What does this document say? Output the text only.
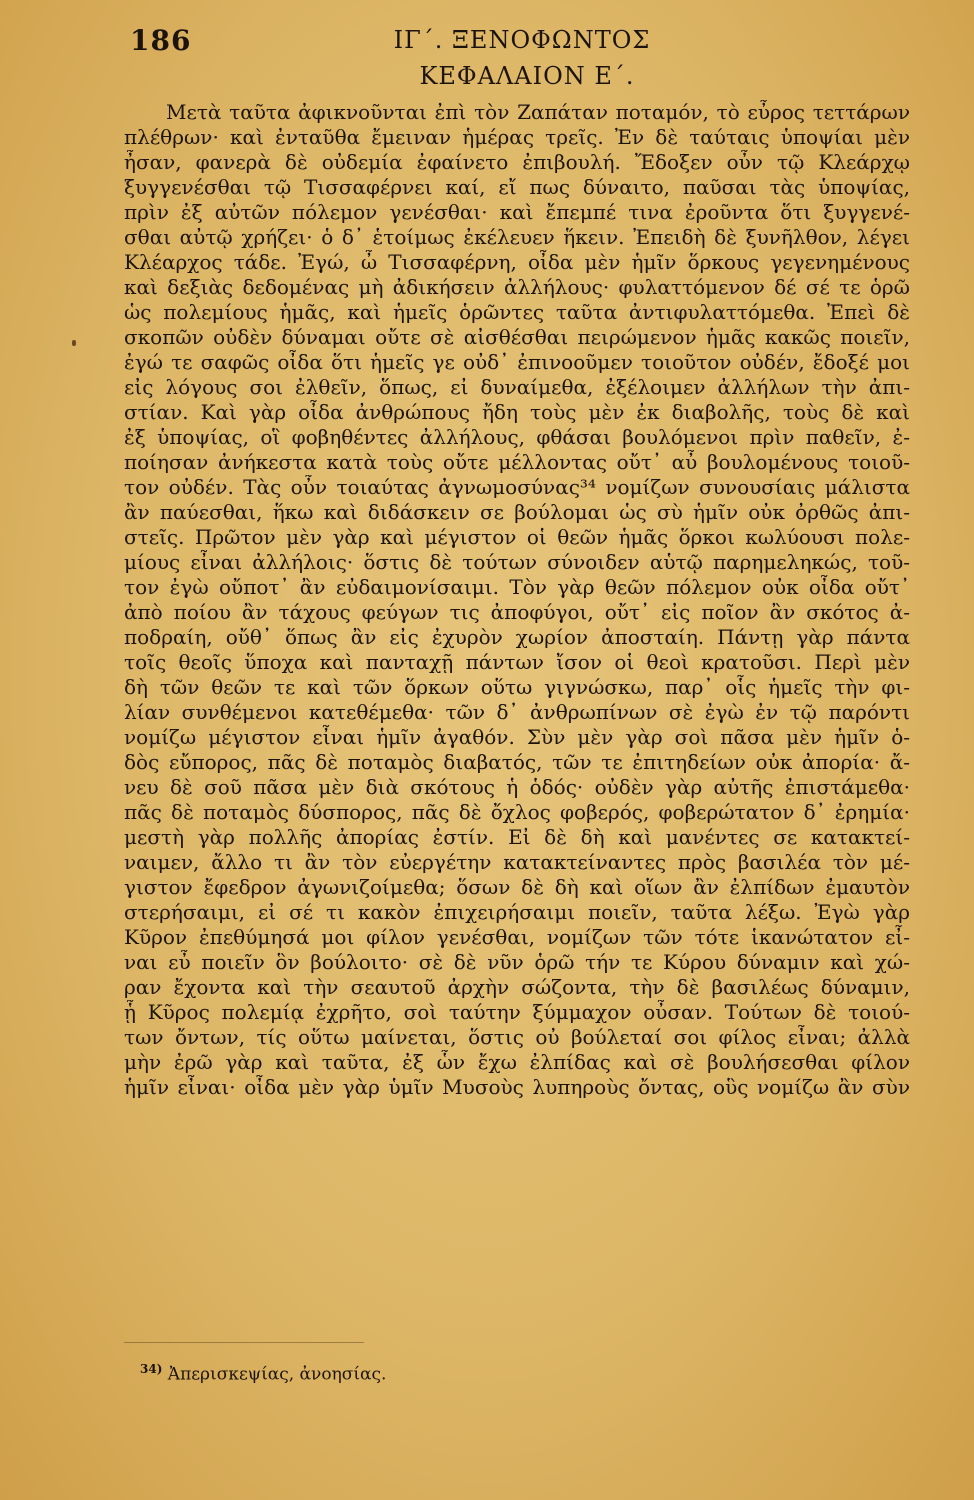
186	ΙΓ΄. ΞΕΝΟΦΩΝΤΟΣ
ΚΕΦΑΛΑΙΟΝ Ε΄.
Μετὰ ταῦτα ἀφικνοῦνται ἐπὶ τὸν Ζαπάταν ποταμόν, τὸ εὖρος τεττάρων
πλέθρων· καὶ ἐνταῦθα ἔμειναν ἡμέρας τρεῖς. Ἐν δὲ ταύταις ὑποψίαι μὲν
ἦσαν, φανερὰ δὲ οὐδεμία ἐφαίνετο ἐπιβουλή. Ἔδοξεν οὖν τῷ Κλεάρχῳ
ξυγγενέσθαι τῷ Τισσαφέρνει καί, εἴ πως δύναιτο, παῦσαι τὰς ὑποψίας,
πρὶν ἐξ αὐτῶν πόλεμον γενέσθαι· καὶ ἔπεμπέ τινα ἐροῦντα ὅτι ξυγγενέ-
σθαι αὐτῷ χρήζει· ὁ δ᾽ ἑτοίμως ἐκέλευεν ἥκειν. Ἐπειδὴ δὲ ξυνῆλθον, λέγει
Κλέαρχος τάδε. Ἐγώ, ὦ Τισσαφέρνη, οἶδα μὲν ἡμῖν ὅρκους γεγενημένους
καὶ δεξιὰς δεδομένας μὴ ἀδικήσειν ἀλλήλους· φυλαττόμενον δέ σέ τε ὁρῶ
ὡς πολεμίους ἡμᾶς, καὶ ἡμεῖς ὁρῶντες ταῦτα ἀντιφυλαττόμεθα. Ἐπεὶ δὲ
σκοπῶν οὐδὲν δύναμαι οὔτε σὲ αἰσθέσθαι πειρώμενον ἡμᾶς κακῶς ποιεῖν,
ἐγώ τε σαφῶς οἶδα ὅτι ἡμεῖς γε οὐδ᾽ ἐπινοοῦμεν τοιοῦτον οὐδέν, ἔδοξέ μοι
εἰς λόγους σοι ἐλθεῖν, ὅπως, εἰ δυναίμεθα, ἐξέλοιμεν ἀλλήλων τὴν ἀπι-
στίαν. Καὶ γὰρ οἶδα ἀνθρώπους ἤδη τοὺς μὲν ἐκ διαβολῆς, τοὺς δὲ καὶ
ἐξ ὑποψίας, οἳ φοβηθέντες ἀλλήλους, φθάσαι βουλόμενοι πρὶν παθεῖν, ἐ-
ποίησαν ἀνήκεστα κατὰ τοὺς οὔτε μέλλοντας οὔτ᾽ αὖ βουλομένους τοιοῦ-
τον οὐδέν. Τὰς οὖν τοιαύτας ἀγνωμοσύνας³⁴ νομίζων συνουσίαις μάλιστα
ἂν παύεσθαι, ἥκω καὶ διδάσκειν σε βούλομαι ὡς σὺ ἡμῖν οὐκ ὀρθῶς ἀπι-
στεῖς. Πρῶτον μὲν γὰρ καὶ μέγιστον οἱ θεῶν ἡμᾶς ὅρκοι κωλύουσι πολε-
μίους εἶναι ἀλλήλοις· ὅστις δὲ τούτων σύνοιδεν αὑτῷ παρημεληκώς, τοῦ-
τον ἐγὼ οὔποτ᾽ ἂν εὐδαιμονίσαιμι. Τὸν γὰρ θεῶν πόλεμον οὐκ οἶδα οὔτ᾽
ἀπὸ ποίου ἂν τάχους φεύγων τις ἀποφύγοι, οὔτ᾽ εἰς ποῖον ἂν σκότος ἀ-
ποδραίη, οὔθ᾽ ὅπως ἂν εἰς ἐχυρὸν χωρίον ἀποσταίη. Πάντῃ γὰρ πάντα
τοῖς θεοῖς ὕποχα καὶ πανταχῇ πάντων ἴσον οἱ θεοὶ κρατοῦσι. Περὶ μὲν
δὴ τῶν θεῶν τε καὶ τῶν ὅρκων οὕτω γιγνώσκω, παρ᾽ οἷς ἡμεῖς τὴν φι-
λίαν συνθέμενοι κατεθέμεθα· τῶν δ᾽ ἀνθρωπίνων σὲ ἐγὼ ἐν τῷ παρόντι
νομίζω μέγιστον εἶναι ἡμῖν ἀγαθόν. Σὺν μὲν γὰρ σοὶ πᾶσα μὲν ἡμῖν ὁ-
δὸς εὔπορος, πᾶς δὲ ποταμὸς διαβατός, τῶν τε ἐπιτηδείων οὐκ ἀπορία· ἄ-
νευ δὲ σοῦ πᾶσα μὲν διὰ σκότους ἡ ὁδός· οὐδὲν γὰρ αὐτῆς ἐπιστάμεθα·
πᾶς δὲ ποταμὸς δύσπορος, πᾶς δὲ ὄχλος φοβερός, φοβερώτατον δ᾽ ἐρημία·
μεστὴ γὰρ πολλῆς ἀπορίας ἐστίν. Εἰ δὲ δὴ καὶ μανέντες σε κατακτεί-
ναιμεν, ἄλλο τι ἂν τὸν εὐεργέτην κατακτείναντες πρὸς βασιλέα τὸν μέ-
γιστον ἔφεδρον ἀγωνιζοίμεθα; ὅσων δὲ δὴ καὶ οἵων ἂν ἐλπίδων ἐμαυτὸν
στερήσαιμι, εἰ σέ τι κακὸν ἐπιχειρήσαιμι ποιεῖν, ταῦτα λέξω. Ἐγὼ γὰρ
Κῦρον ἐπεθύμησά μοι φίλον γενέσθαι, νομίζων τῶν τότε ἱκανώτατον εἶ-
ναι εὖ ποιεῖν ὃν βούλοιτο· σὲ δὲ νῦν ὁρῶ τήν τε Κύρου δύναμιν καὶ χώ-
ραν ἔχοντα καὶ τὴν σεαυτοῦ ἀρχὴν σώζοντα, τὴν δὲ βασιλέως δύναμιν,
ᾗ Κῦρος πολεμίᾳ ἐχρῆτο, σοὶ ταύτην ξύμμαχον οὖσαν. Τούτων δὲ τοιού-
των ὄντων, τίς οὕτω μαίνεται, ὅστις οὐ βούλεταί σοι φίλος εἶναι; ἀλλὰ
μὴν ἐρῶ γὰρ καὶ ταῦτα, ἐξ ὧν ἔχω ἐλπίδας καὶ σὲ βουλήσεσθαι φίλον
ἡμῖν εἶναι· οἶδα μὲν γὰρ ὑμῖν Μυσοὺς λυπηροὺς ὄντας, οὓς νομίζω ἂν σὺν
$^{34)}$ Ἀπερισκεψίας, ἀνοησίας.
